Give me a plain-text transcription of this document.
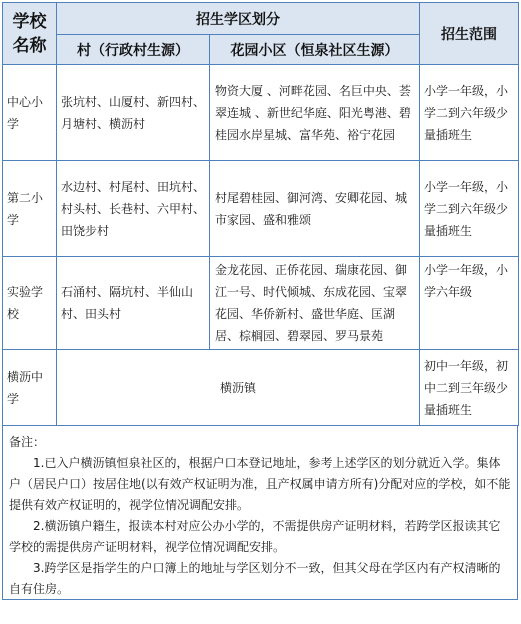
学校
名称	招生学区划分		招生范围
	村（行政村生源）	花园小区（恒泉社区生源）	
中心小学	张坑村、山厦村、新四村、月塘村、横沥村	物资大厦 、河畔花园、名巨中央、荟翠连城 、新世纪华庭、阳光粤港、碧桂园水岸星城、富华苑、裕宁花园	小学一年级，小学二到六年级少量插班生
第二小学	水边村、村尾村、田坑村、村头村、长巷村、六甲村、田饶步村	村尾碧桂园、御河湾、安卿花园、城市家园、盛和雅颂	小学一年级，小学二到六年级少量插班生
实验学校	石涌村、隔坑村、半仙山村、田头村	金龙花园、正侨花园、瑞康花园、御江一号、时代倾城、东成花园、宝翠花园、华侨新村、盛世华庭、匡湖居、棕榈园、碧翠园、罗马景苑	小学一年级，小学六年级
横沥中学	横沥镇		初中一年级，初中二到三年级少量插班生

备注：

1.已入户横沥镇恒泉社区的，根据户口本登记地址，参考上述学区的划分就近入学。集体户（居民户口）按居住地(以有效产权证明为准，且产权属申请方所有)分配对应的学校，如不能提供有效产权证明的，视学位情况调配安排。

2.横沥镇户籍生，报读本村对应公办小学的，不需提供房产证明材料，若跨学区报读其它学校的需提供房产证明材料，视学位情况调配安排。

3.跨学区是指学生的户口簿上的地址与学区划分不一致，但其父母在学区内有产权清晰的自有住房。
